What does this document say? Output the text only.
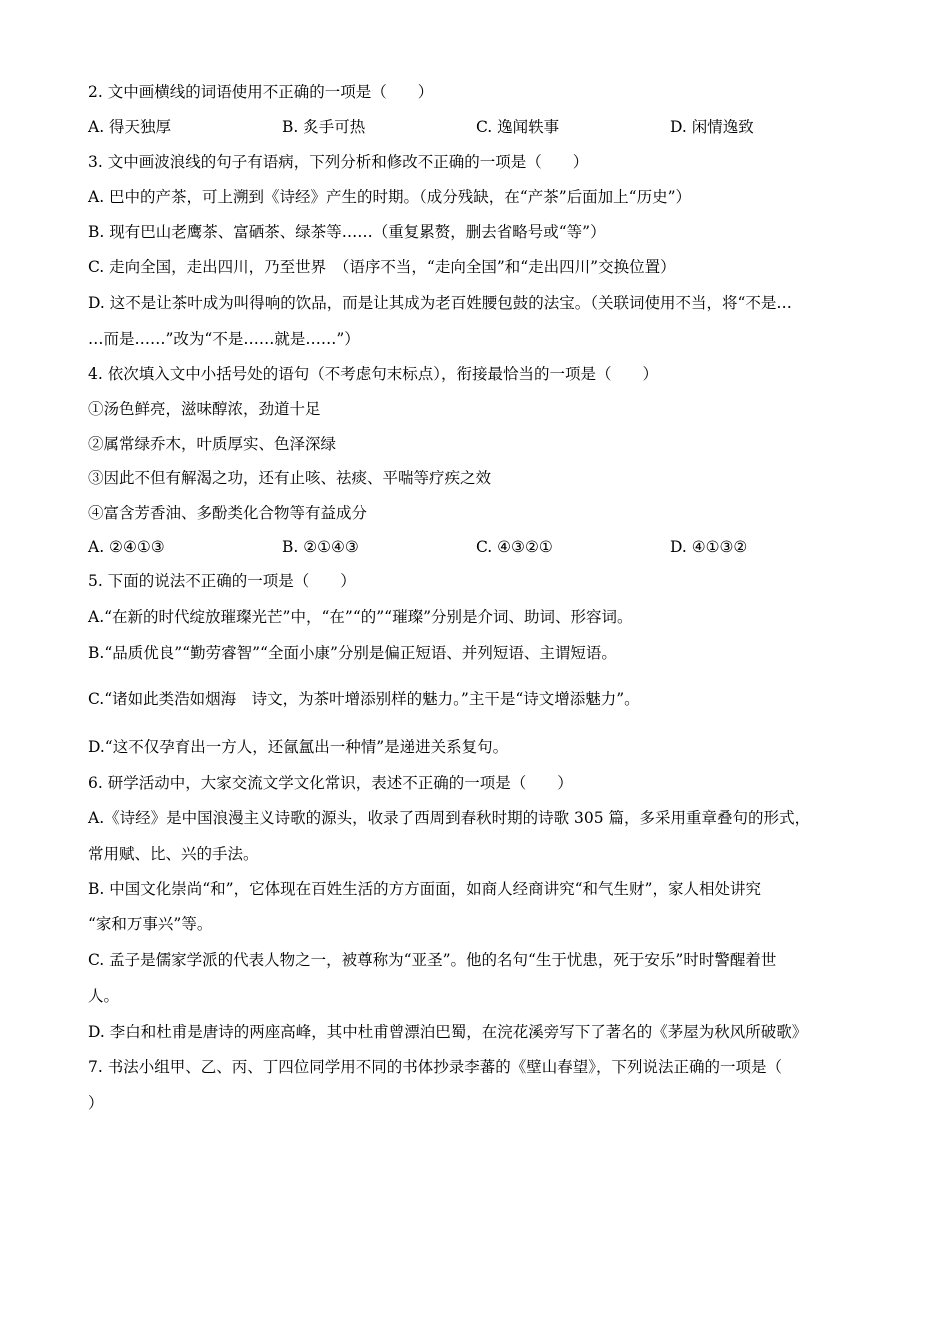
2. 文中画横线的词语使用不正确的一项是（　　）
A. 得天独厚	B. 炙手可热	C. 逸闻轶事	D. 闲情逸致
3. 文中画波浪线的句子有语病，下列分析和修改不正确的一项是（　　）
A. 巴中的产茶，可上溯到《诗经》产生的时期。（成分残缺，在“产茶”后面加上“历史”）
B. 现有巴山老鹰茶、富硒茶、绿茶等……（重复累赘，删去省略号或“等”）
C. 走向全国，走出四川，乃至世界　（语序不当，“走向全国”和“走出四川”交换位置）
D. 这不是让茶叶成为叫得响的饮品，而是让其成为老百姓腰包鼓的法宝。（关联词使用不当，将“不是…
…而是……”改为“不是……就是……”）
4. 依次填入文中小括号处的语句（不考虑句末标点），衔接最恰当的一项是（　　）
①汤色鲜亮，滋味醇浓，劲道十足
②属常绿乔木，叶质厚实、色泽深绿
③因此不但有解渴之功，还有止咳、祛痰、平喘等疗疾之效
④富含芳香油、多酚类化合物等有益成分
A. ②④①③	B. ②①④③	C. ④③②①	D. ④①③②
5. 下面的说法不正确的一项是（　　）
A.“在新的时代绽放璀璨光芒”中，“在”“的”“璀璨”分别是介词、助词、形容词。
B.“品质优良”“勤劳睿智”“全面小康”分别是偏正短语、并列短语、主谓短语。
C.“诸如此类浩如烟海　诗文，为茶叶增添别样的魅力。”主干是“诗文增添魅力”。
D.“这不仅孕育出一方人，还氤氲出一种情”是递进关系复句。
6. 研学活动中，大家交流文学文化常识，表述不正确的一项是（　　）
A.《诗经》是中国浪漫主义诗歌的源头，收录了西周到春秋时期的诗歌 305 篇，多采用重章叠句的形式，
常用赋、比、兴的手法。
B. 中国文化崇尚“和”，它体现在百姓生活的方方面面，如商人经商讲究“和气生财”，家人相处讲究
“家和万事兴”等。
C. 孟子是儒家学派的代表人物之一，被尊称为“亚圣”。他的名句“生于忧患，死于安乐”时时警醒着世
人。
D. 李白和杜甫是唐诗的两座高峰，其中杜甫曾漂泊巴蜀，在浣花溪旁写下了著名的《茅屋为秋风所破歌》
7. 书法小组甲、乙、丙、丁四位同学用不同的书体抄录李蕃的《壁山春望》，下列说法正确的一项是（
）
